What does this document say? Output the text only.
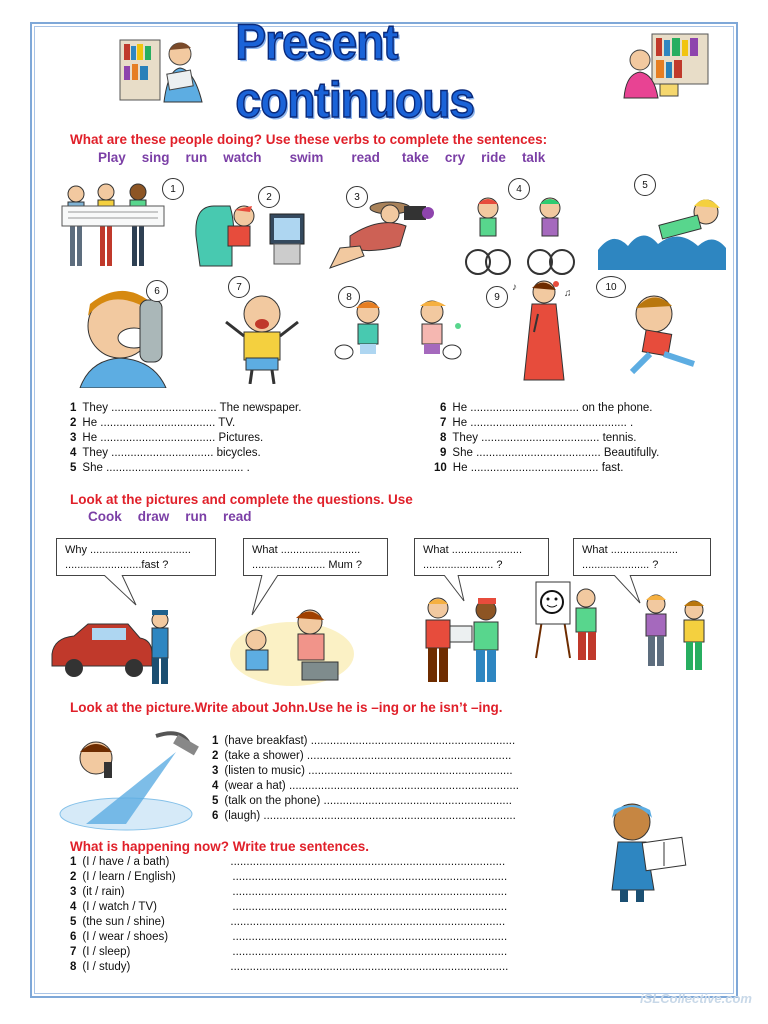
Present continuous
What are these people doing? Use these verbs to complete the sentences:
Play sing run watch swim read take cry ride talk
1
2	3
4	5
6	7
8
♪
♫
9
10
1 They ................................. The newspaper.
2 He .................................... TV.
3 He .................................... Pictures.
4 They ................................ bicycles.
5 She ........................................... .
6 He .................................. on the phone.
7 He ................................................. .
8 They ..................................... tennis.
9 She ....................................... Beautifully.
10 He ........................................ fast.
Look at the pictures and complete the questions. Use
Cook draw run read
Why .................................
.........................fast ?
What ..........................
........................ Mum ?
What .......................
....................... ?
What ......................
...................... ?
Look at the picture.Write about John.Use he is –ing or he isn’t –ing.
1 (have breakfast) ................................................................
2 (take a shower) ................................................................
3 (listen to music) ................................................................
4 (wear a hat) ........................................................................
5 (talk on the phone) ...........................................................
6 (laugh) ...............................................................................
What is happening now? Write true sentences.
1 (I / have / a bath)	......................................................................................
2 (I / learn / English)	......................................................................................
3 (it / rain)	......................................................................................
4 (I / watch / TV)	......................................................................................
5 (the sun / shine)	......................................................................................
6 (I / wear / shoes)	......................................................................................
7 (I / sleep)	......................................................................................
8 (I / study)	.......................................................................................
iSLCollective.com
